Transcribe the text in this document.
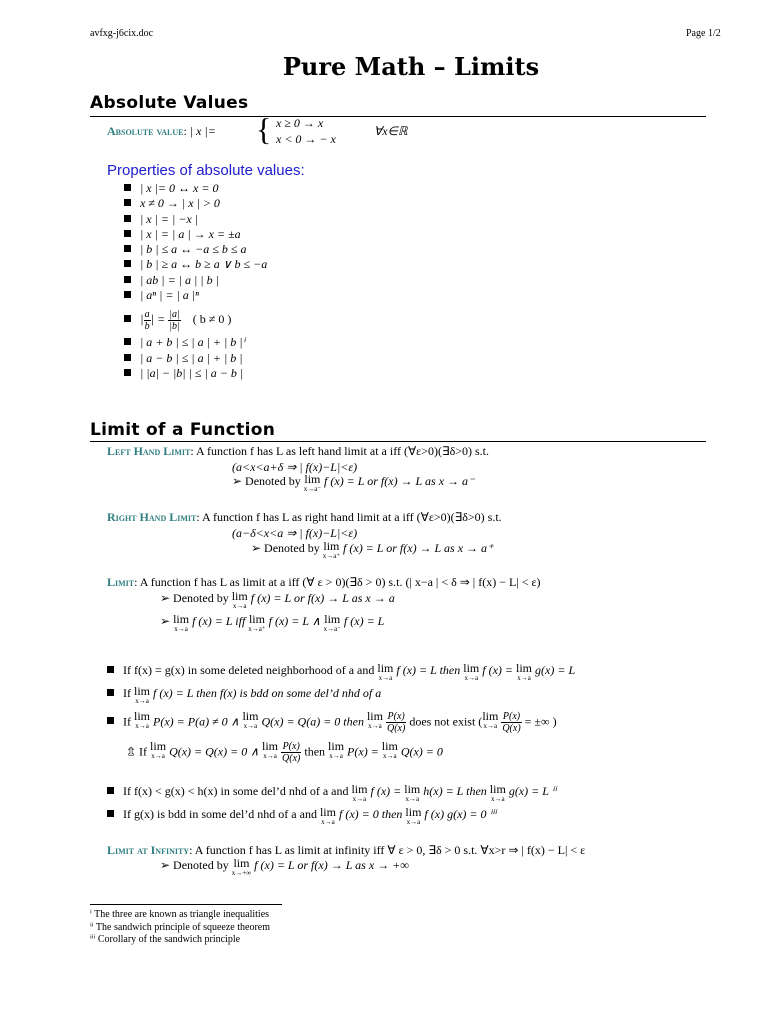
avfxg-j6cix.doc	Page 1/2
Pure Math – Limits
Absolute Values
Absolute value: | x |= { x ≥ 0 → x
x < 0 → − x
∀x∈ℝ
Properties of absolute values:
| x |= 0 ↔ x = 0
x ≠ 0 → | x | > 0
| x | = | −x |
| x | = | a | → x = ±a
| b | ≤ a ↔ −a ≤ b ≤ a
| b | ≥ a ↔ b ≥ a ∨ b ≤ −a
| ab | = | a | | b |
| aⁿ | = | a |ⁿ
| $\frac{a}{b}$ | = $\frac{|a|}{|b|}$ ( b ≠ 0 )
| a + b | ≤ | a | + | b |ⁱ
| a − b | ≤ | a | + | b |
| |a| − |b| | ≤ | a − b |
Limit of a Function
Left Hand Limit: A function f has L as left hand limit at a iff (∀ε>0)(∃δ>0) s.t.
(a<x<a+δ ⇒ | f(x)−L|<ε)
➢ Denoted by lim
x→a⁻
f (x) = L or f(x) → L as x → a⁻
Right Hand Limit: A function f has L as right hand limit at a iff (∀ε>0)(∃δ>0) s.t.
(a−δ<x<a ⇒ | f(x)−L|<ε)
➢ Denoted by lim
x→a⁺
f (x) = L or f(x) → L as x → a⁺
Limit: A function f has L as limit at a iff (∀ ε > 0)(∃δ > 0) s.t. (| x−a | < δ ⇒ | f(x) − L| < ε)
➢ Denoted by lim
x→a
f (x) = L or f(x) → L as x → a
➢ lim
x→a
f (x) = L iff lim
x→a⁺
f (x) = L ∧ lim
x→a⁻
f (x) = L
If f(x) = g(x) in some deleted neighborhood of a and lim
x→a
f (x) = L then lim
x→a
f (x) = lim
x→a
g(x) = L
If lim
x→a
f (x) = L then f(x) is bdd on some del’d nhd of a
If lim
x→a P(x) = P(a) ≠ 0 ∧ lim
x→a Q(x) = Q(a) = 0 then lim
x→a
$\frac{P(x)}{Q(x)}$ does not exist (lim
x→a
$\frac{P(x)}{Q(x)}$ = ±∞ )
⇬ If lim
x→a Q(x) = Q(x) = 0 ∧ lim
x→a
$\frac{P(x)}{Q(x)}$ then lim
x→a P(x) = lim
x→a Q(x) = 0
If f(x) < g(x) < h(x) in some del’d nhd of a and lim
x→a
f (x) = lim
x→a
h(x) = L then lim
x→a
g(x) = L ⁱⁱ
If g(x) is bdd in some del’d nhd of a and lim
x→a
f (x) = 0 then lim
x→a
f (x) g(x) = 0 ⁱⁱⁱ
Limit at Infinity: A function f has L as limit at infinity iff ∀ ε > 0, ∃δ > 0 s.t. ∀x>r ⇒ | f(x) − L| < ε
➢ Denoted by lim
x→+∞
f (x) = L or f(x) → L as x → +∞
ⁱ The three are known as triangle inequalities
ⁱⁱ The sandwich principle of squeeze theorem
ⁱⁱⁱ Corollary of the sandwich principle
